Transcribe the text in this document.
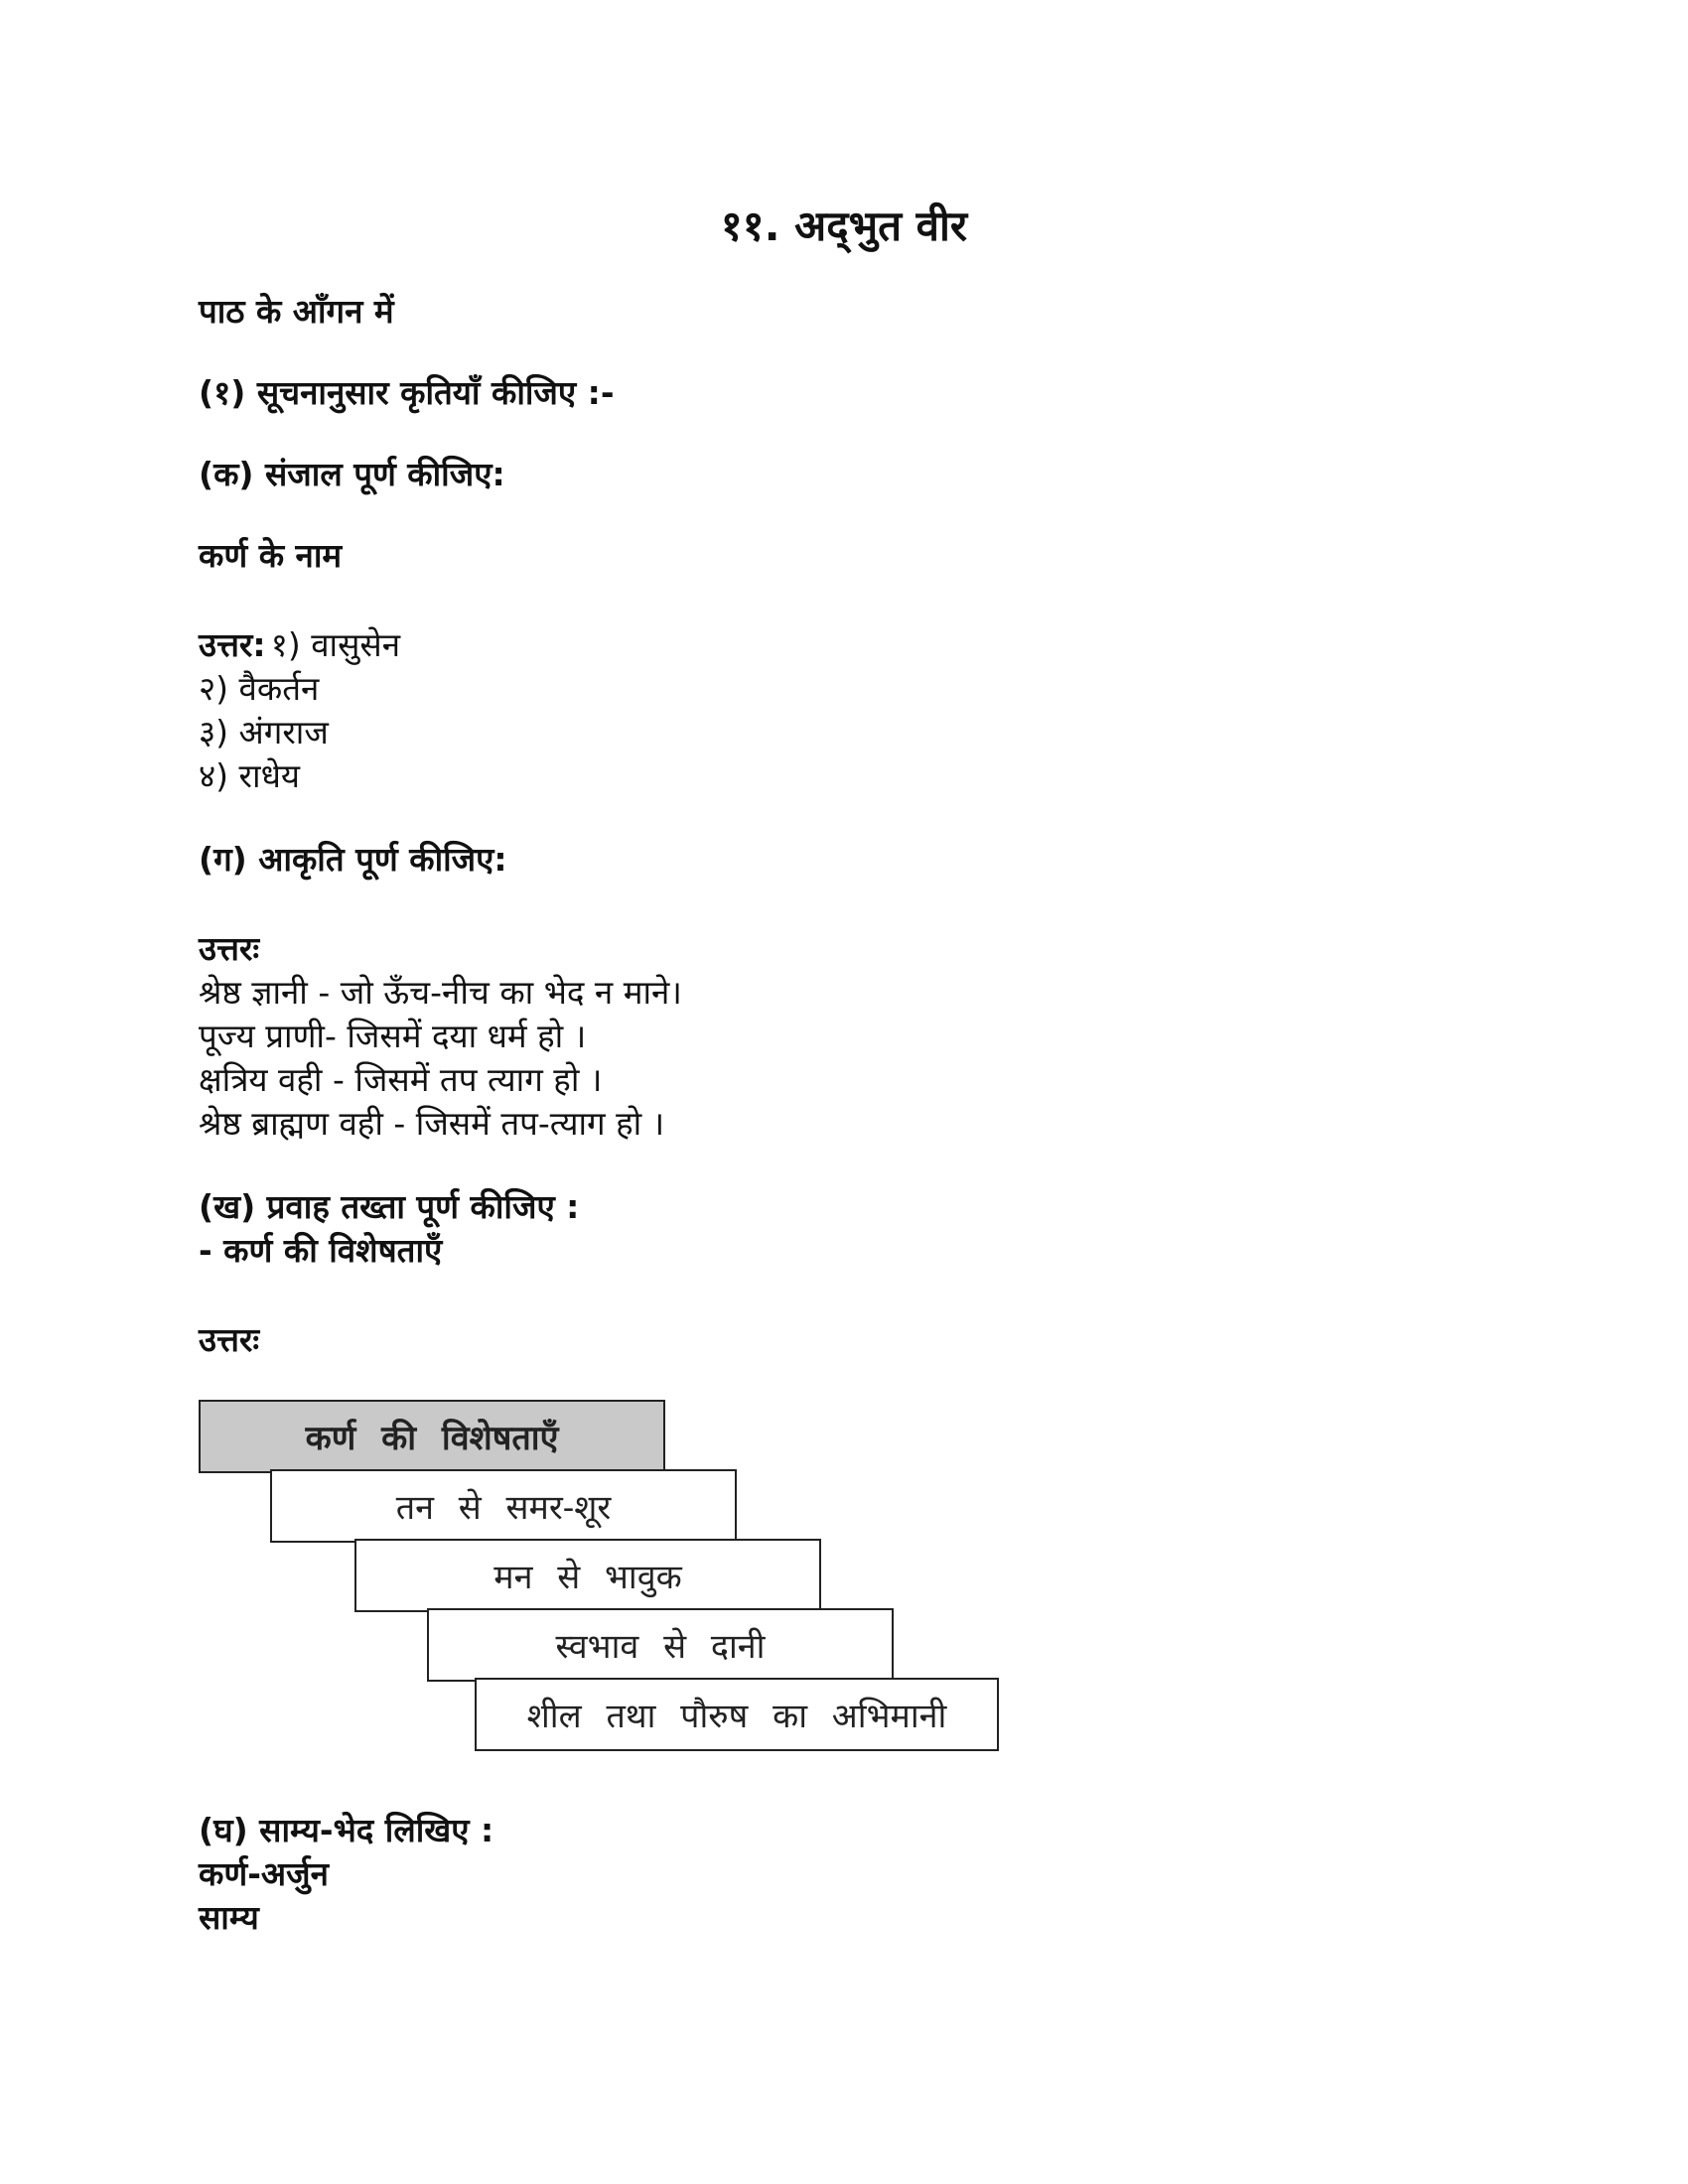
११. अद्‌भुत वीर
पाठ के आँगन में
(१) सूचनानुसार कृतियाँ कीजिए :-
(क) संजाल पूर्ण कीजिए:
कर्ण के नाम
उत्तर: १) वासुसेन
२) वैकर्तन
३) अंगराज
४) राधेय
(ग) आकृति पूर्ण कीजिए:
उत्तरः
श्रेष्ठ ज्ञानी - जो ऊँच-नीच का भेद न माने।
पूज्य प्राणी- जिसमें दया धर्म हो ।
क्षत्रिय वही - जिसमें तप त्याग हो ।
श्रेष्ठ ब्राह्मण वही - जिसमें तप-त्याग हो ।
(ख) प्रवाह तख्ता पूर्ण कीजिए :
- कर्ण की विशेषताएँ
उत्तरः
कर्ण की विशेषताएँ
तन से समर-शूर
मन से भावुक
स्वभाव से दानी
शील तथा पौरुष का अभिमानी
(घ) साम्य-भेद लिखिए :
कर्ण-अर्जुन
साम्य
